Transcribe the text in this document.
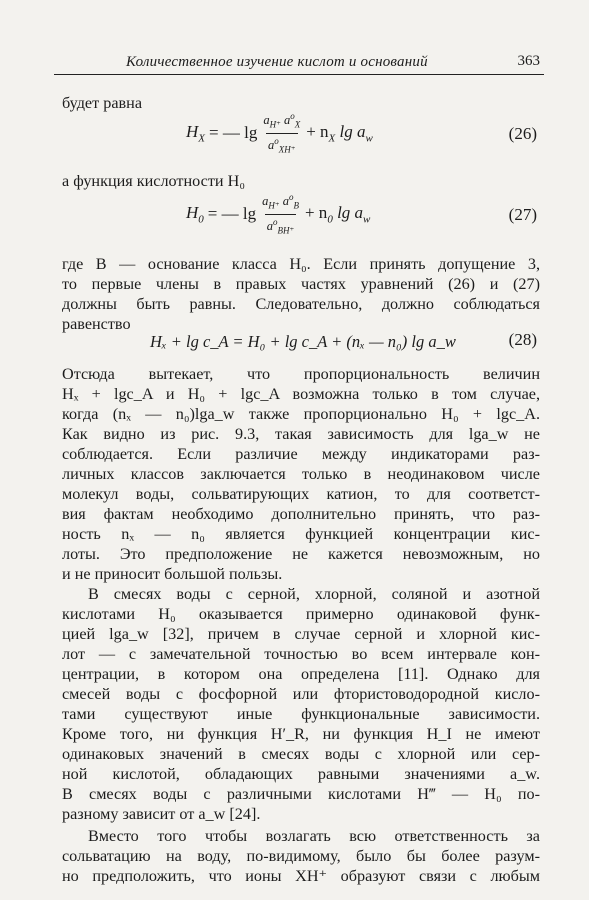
Количественное изучение кислот и оснований	363
будет равна
$H_X$ = — $\lg \frac{a_{H^+} a^o_X}{a^o_{XH^+}} + n_X$ $\lg a_w$	(26)
а функция кислотности H₀
$H_0$ = — $\lg \frac{a_{H^+} a^o_B}{a^o_{BH^+}} + n_0$ $\lg a_w$	(27)
где B — основание класса H₀. Если принять допущение 3,
то первые члены в правых частях уравнений (26) и (27)
должны быть равны. Следовательно, должно соблюдаться
равенство
Hₓ + lg c_A = H₀ + lg c_A + (nₓ — n₀) lg a_w	(28)
Отсюда вытекает, что пропорциональность величин
Hₓ + lgc_A и H₀ + lgc_A возможна только в том случае,
когда (nₓ — n₀)lga_w также пропорционально H₀ + lgc_A.
Как видно из рис. 9.3, такая зависимость для lga_w не
соблюдается. Если различие между индикаторами раз-
личных классов заключается только в неодинаковом числе
молекул воды, сольватирующих катион, то для соответст-
вия фактам необходимо дополнительно принять, что раз-
ность nₓ — n₀ является функцией концентрации кис-
лоты. Это предположение не кажется невозможным, но
и не приносит большой пользы.
В смесях воды с серной, хлорной, соляной и азотной
кислотами H₀ оказывается примерно одинаковой функ-
цией lga_w [32], причем в случае серной и хлорной кис-
лот — с замечательной точностью во всем интервале кон-
центрации, в котором она определена [11]. Однако для
смесей воды с фосфорной или фтористоводородной кисло-
тами существуют иные функциональные зависимости.
Кроме того, ни функция H′_R, ни функция H_I не имеют
одинаковых значений в смесях воды с хлорной или сер-
ной кислотой, обладающих равными значениями a_w.
В смесях воды с различными кислотами H‴ — H₀ по-
разному зависит от a_w [24].
Вместо того чтобы возлагать всю ответственность за
сольватацию на воду, по-видимому, было бы более разум-
но предположить, что ионы XH⁺ образуют связи с любым
